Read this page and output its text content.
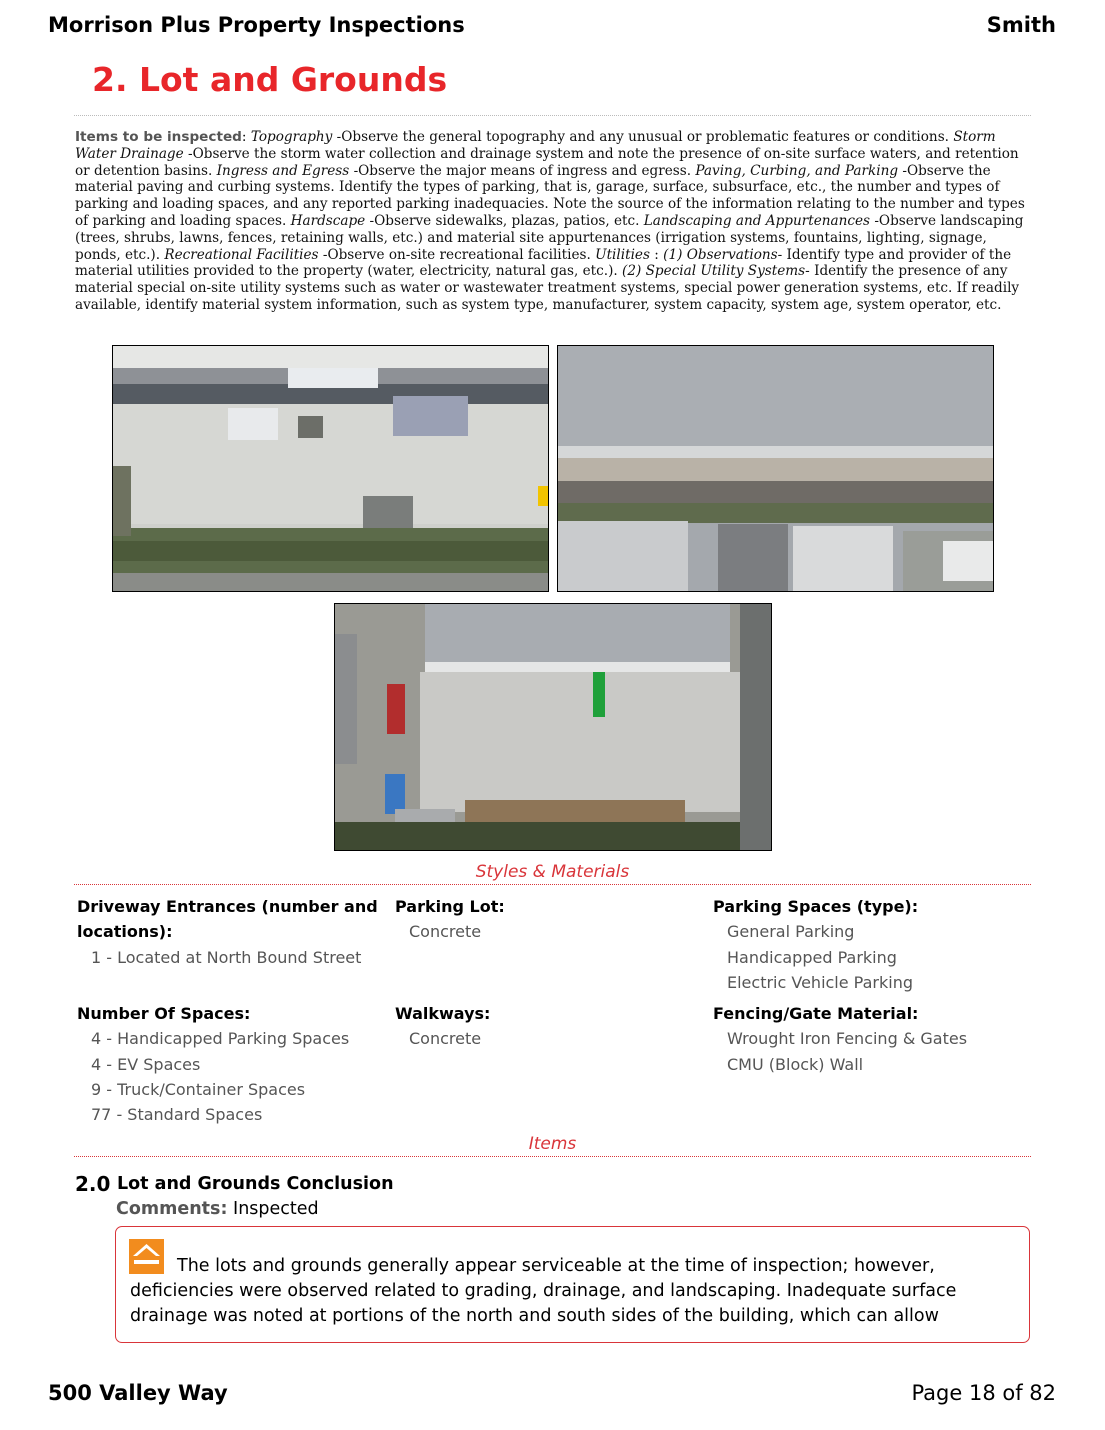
Morrison Plus Property Inspections	Smith
2. Lot and Grounds
Items to be inspected: Topography -Observe the general topography and any unusual or problematic features or conditions. Storm Water Drainage -Observe the storm water collection and drainage system and note the presence of on-site surface waters, and retention or detention basins. Ingress and Egress -Observe the major means of ingress and egress. Paving, Curbing, and Parking -Observe the material paving and curbing systems. Identify the types of parking, that is, garage, surface, subsurface, etc., the number and types of parking and loading spaces, and any reported parking inadequacies. Note the source of the information relating to the number and types of parking and loading spaces. Hardscape -Observe sidewalks, plazas, patios, etc. Landscaping and Appurtenances -Observe landscaping (trees, shrubs, lawns, fences, retaining walls, etc.) and material site appurtenances (irrigation systems, fountains, lighting, signage, ponds, etc.). Recreational Facilities -Observe on-site recreational facilities. Utilities : (1) Observations- Identify type and provider of the material utilities provided to the property (water, electricity, natural gas, etc.). (2) Special Utility Systems- Identify the presence of any material special on-site utility systems such as water or wastewater treatment systems, special power generation systems, etc. If readily available, identify material system information, such as system type, manufacturer, system capacity, system age, system operator, etc.
Styles & Materials
Driveway Entrances (number and locations):
1 - Located at North Bound Street
Parking Lot:
Concrete
Parking Spaces (type):
General Parking
Handicapped Parking
Electric Vehicle Parking
Number Of Spaces:
4 - Handicapped Parking Spaces
4 - EV Spaces
9 - Truck/Container Spaces
77 - Standard Spaces
Walkways:
Concrete
Fencing/Gate Material:
Wrought Iron Fencing & Gates
CMU (Block) Wall
Items
2.0 Lot and Grounds Conclusion
Comments: Inspected
The lots and grounds generally appear serviceable at the time of inspection; however, deficiencies were observed related to grading, drainage, and landscaping. Inadequate surface drainage was noted at portions of the north and south sides of the building, which can allow
500 Valley Way	Page 18 of 82
